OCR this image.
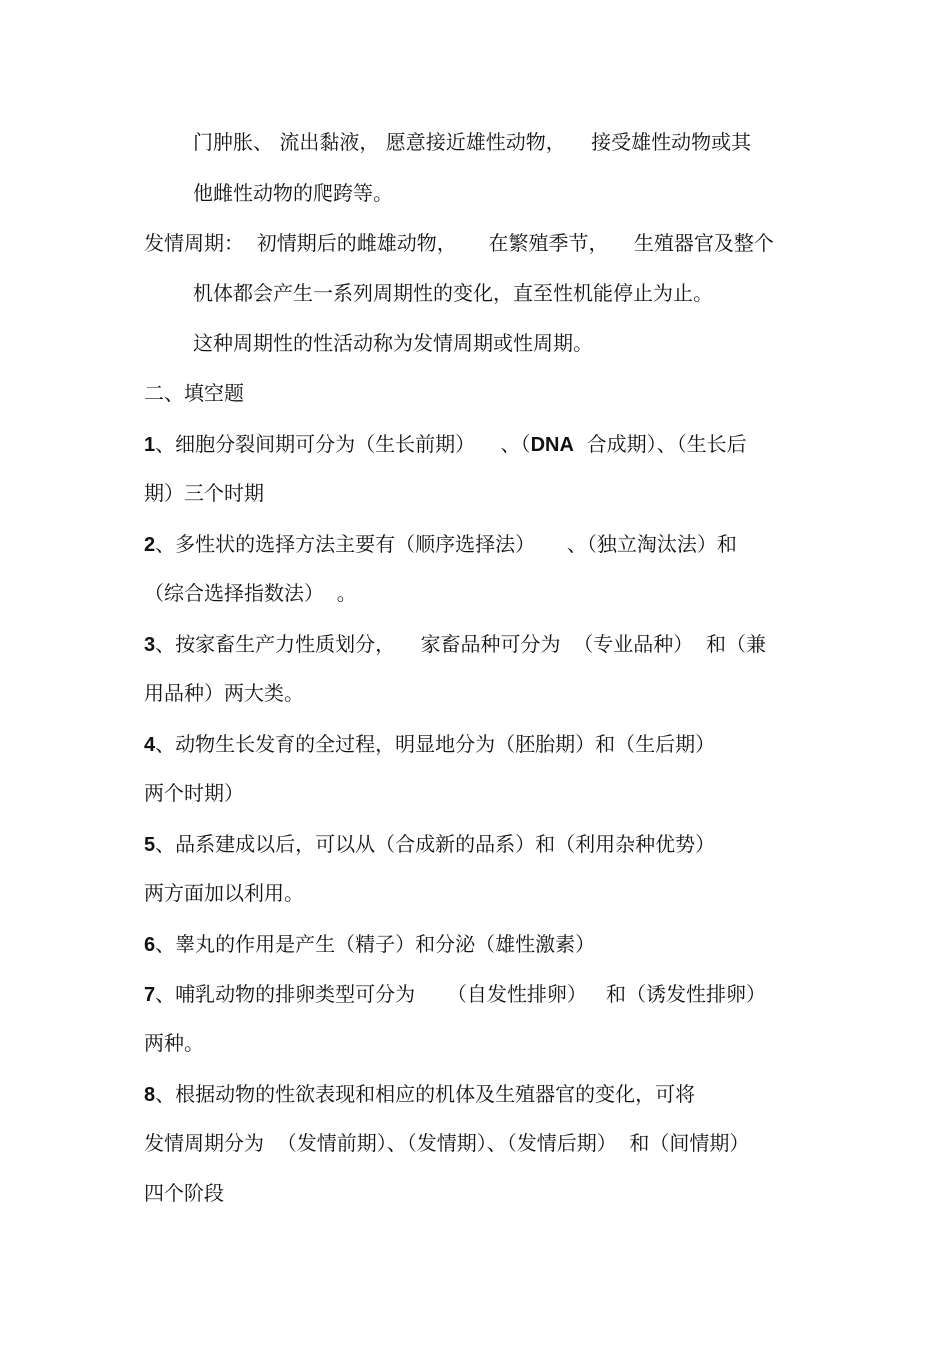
门肿胀、 流出黏液， 愿意接近雄性动物，    接受雄性动物或其
他雌性动物的爬跨等。
发情周期：  初情期后的雌雄动物，     在繁殖季节，    生殖器官及整个
机体都会产生一系列周期性的变化，直至性机能停止为止。
这种周期性的性活动称为发情周期或性周期。
二、填空题
1、细胞分裂间期可分为（生长前期）    、（DNA  合成期）、（生长后
期）三个时期
2、多性状的选择方法主要有（顺序选择法）     、（独立淘汰法）和
（综合选择指数法）  。
3、按家畜生产力性质划分，    家畜品种可分为  （专业品种）  和（兼
用品种）两大类。
4、动物生长发育的全过程，明显地分为（胚胎期）和（生后期）
两个时期）
5、品系建成以后，可以从（合成新的品系）和（利用杂种优势）
两方面加以利用。
6、睾丸的作用是产生（精子）和分泌（雄性激素）
7、哺乳动物的排卵类型可分为     （自发性排卵）   和（诱发性排卵）
两种。
8、根据动物的性欲表现和相应的机体及生殖器官的变化，可将
发情周期分为  （发情前期）、（发情期）、（发情后期）  和（间情期）
四个阶段
